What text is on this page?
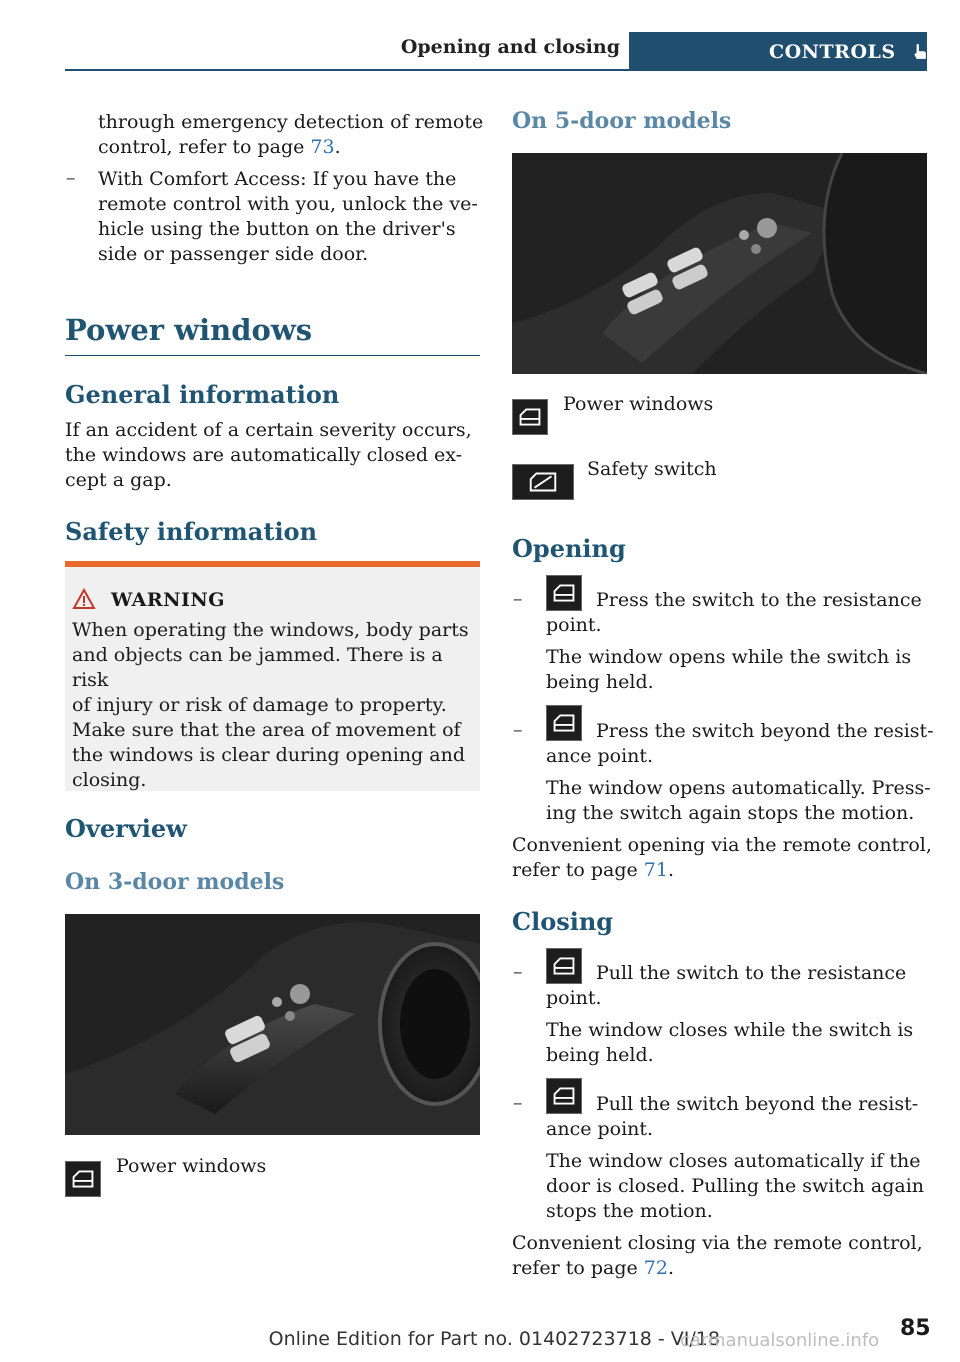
Opening and closing	CONTROLS
through emergency detection of remote
control, refer to page 73.
– With Comfort Access: If you have the
remote control with you, unlock the ve-
hicle using the button on the driver's
side or passenger side door.
Power windows
General information
If an accident of a certain severity occurs,
the windows are automatically closed ex-
cept a gap.
Safety information
WARNING
When operating the windows, body parts
and objects can be jammed. There is a risk
of injury or risk of damage to property.
Make sure that the area of movement of
the windows is clear during opening and
closing.
Overview
On 3-door models
Power windows
On 5-door models
Power windows
Safety switch
Opening
–	Press the switch to the resistance
point.
The window opens while the switch is
being held.
–	Press the switch beyond the resist-
ance point.
The window opens automatically. Press-
ing the switch again stops the motion.
Convenient opening via the remote control,
refer to page 71.
Closing
–	Pull the switch to the resistance
point.
The window closes while the switch is
being held.
–	Pull the switch beyond the resist-
ance point.
The window closes automatically if the
door is closed. Pulling the switch again
stops the motion.
Convenient closing via the remote control,
refer to page 72.
Online Edition for Part no. 01402723718 - VI/18	85
carmanualsonline.info
